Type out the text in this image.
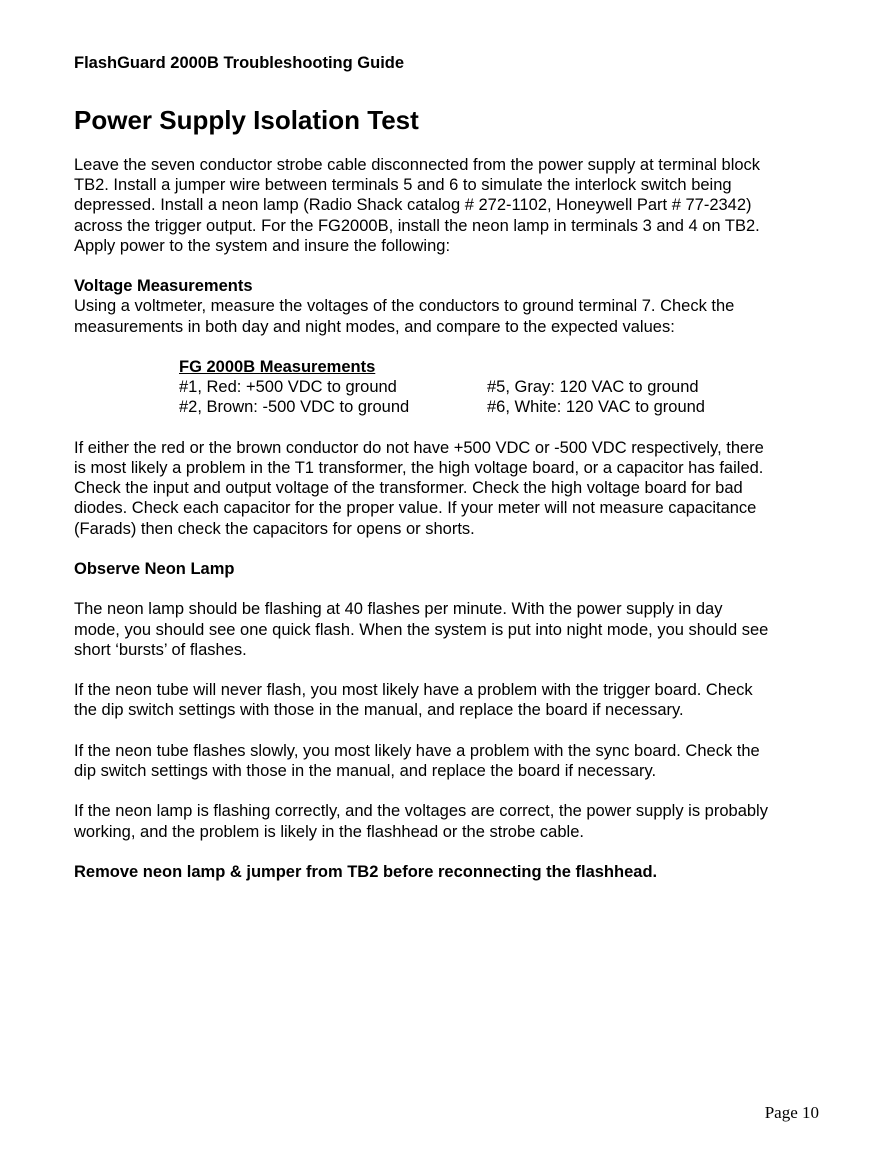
FlashGuard 2000B Troubleshooting Guide
Power Supply Isolation Test

Leave the seven conductor strobe cable disconnected from the power supply at terminal block
TB2. Install a jumper wire between terminals 5 and 6 to simulate the interlock switch being
depressed. Install a neon lamp (Radio Shack catalog # 272-1102, Honeywell Part # 77-2342)
across the trigger output. For the FG2000B, install the neon lamp in terminals 3 and 4 on TB2.
Apply power to the system and insure the following:

Voltage Measurements
Using a voltmeter, measure the voltages of the conductors to ground terminal 7. Check the
measurements in both day and night modes, and compare to the expected values:

FG 2000B Measurements
#1, Red: +500 VDC to ground	#5, Gray: 120 VAC to ground
#2, Brown: -500 VDC to ground	#6, White: 120 VAC to ground

If either the red or the brown conductor do not have +500 VDC or -500 VDC respectively, there
is most likely a problem in the T1 transformer, the high voltage board, or a capacitor has failed.
Check the input and output voltage of the transformer. Check the high voltage board for bad
diodes. Check each capacitor for the proper value. If your meter will not measure capacitance
(Farads) then check the capacitors for opens or shorts.

Observe Neon Lamp

The neon lamp should be flashing at 40 flashes per minute. With the power supply in day
mode, you should see one quick flash. When the system is put into night mode, you should see
short ‘bursts’ of flashes.

If the neon tube will never flash, you most likely have a problem with the trigger board. Check
the dip switch settings with those in the manual, and replace the board if necessary.

If the neon tube flashes slowly, you most likely have a problem with the sync board. Check the
dip switch settings with those in the manual, and replace the board if necessary.

If the neon lamp is flashing correctly, and the voltages are correct, the power supply is probably
working, and the problem is likely in the flashhead or the strobe cable.

Remove neon lamp & jumper from TB2 before reconnecting the flashhead.

Page 10
